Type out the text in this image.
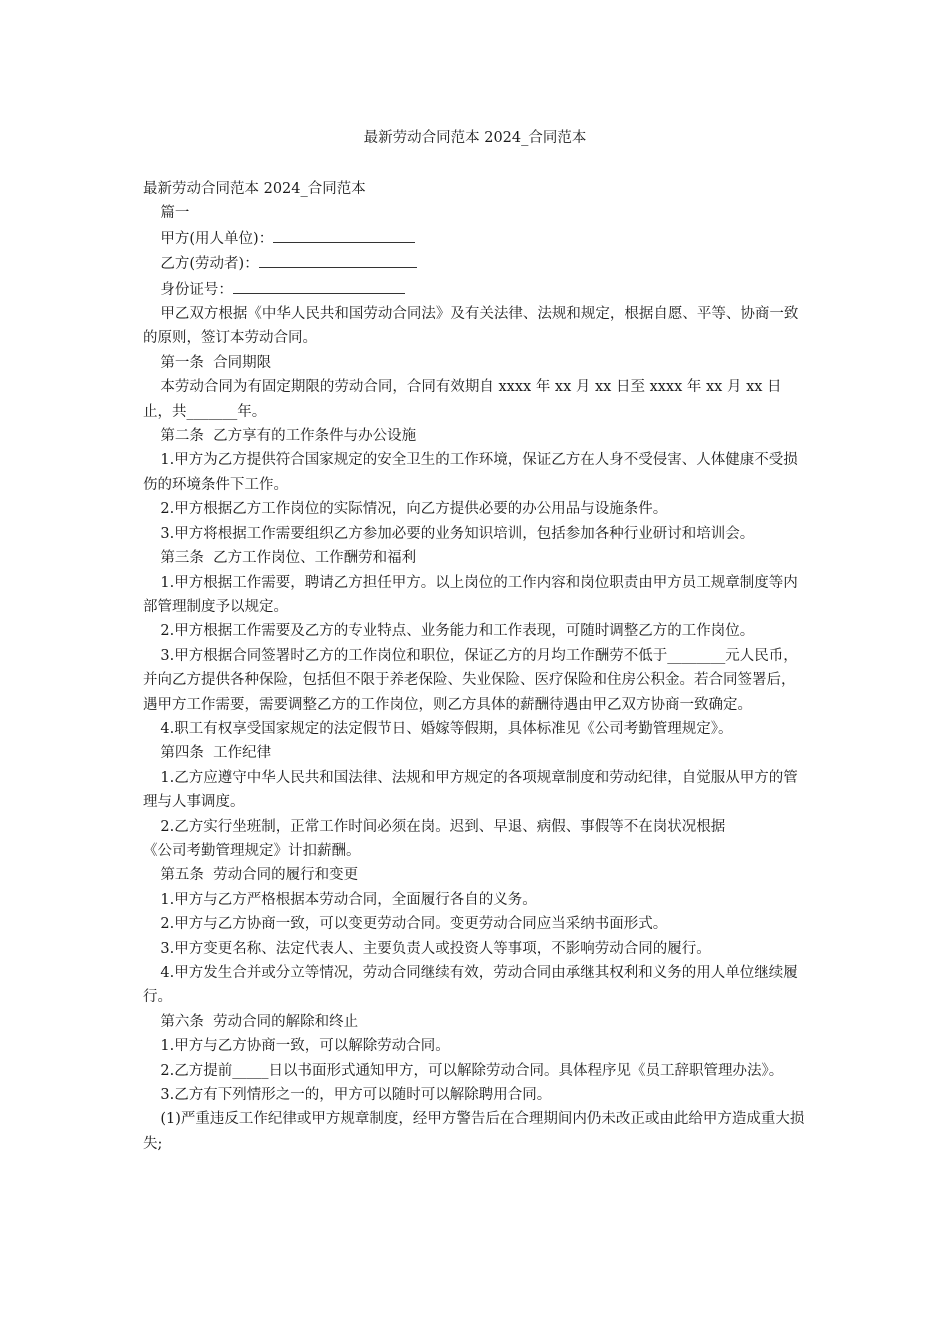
最新劳动合同范本 2024_合同范本

最新劳动合同范本 2024_合同范本

篇一

甲方(用人单位)：

乙方(劳动者)：

身份证号：

甲乙双方根据《中华人民共和国劳动合同法》及有关法律、法规和规定，根据自愿、平等、协商一致的原则，签订本劳动合同。

第一条  合同期限

本劳动合同为有固定期限的劳动合同，合同有效期自 xxxx 年 xx 月 xx 日至 xxxx 年 xx 月 xx 日止，共_______年。

第二条  乙方享有的工作条件与办公设施

1.甲方为乙方提供符合国家规定的安全卫生的工作环境，保证乙方在人身不受侵害、人体健康不受损伤的环境条件下工作。

2.甲方根据乙方工作岗位的实际情况，向乙方提供必要的办公用品与设施条件。

3.甲方将根据工作需要组织乙方参加必要的业务知识培训，包括参加各种行业研讨和培训会。

第三条  乙方工作岗位、工作酬劳和福利

1.甲方根据工作需要，聘请乙方担任甲方。以上岗位的工作内容和岗位职责由甲方员工规章制度等内部管理制度予以规定。

2.甲方根据工作需要及乙方的专业特点、业务能力和工作表现，可随时调整乙方的工作岗位。

3.甲方根据合同签署时乙方的工作岗位和职位，保证乙方的月均工作酬劳不低于________元人民币，并向乙方提供各种保险，包括但不限于养老保险、失业保险、医疗保险和住房公积金。若合同签署后，遇甲方工作需要，需要调整乙方的工作岗位，则乙方具体的薪酬待遇由甲乙双方协商一致确定。

4.职工有权享受国家规定的法定假节日、婚嫁等假期，具体标准见《公司考勤管理规定》。

第四条  工作纪律

1.乙方应遵守中华人民共和国法律、法规和甲方规定的各项规章制度和劳动纪律，自觉服从甲方的管理与人事调度。

2.乙方实行坐班制，正常工作时间必须在岗。迟到、早退、病假、事假等不在岗状况根据

《公司考勤管理规定》计扣薪酬。

第五条  劳动合同的履行和变更

1.甲方与乙方严格根据本劳动合同，全面履行各自的义务。

2.甲方与乙方协商一致，可以变更劳动合同。变更劳动合同应当采纳书面形式。

3.甲方变更名称、法定代表人、主要负责人或投资人等事项，不影响劳动合同的履行。

4.甲方发生合并或分立等情况，劳动合同继续有效，劳动合同由承继其权利和义务的用人单位继续履行。

第六条  劳动合同的解除和终止

1.甲方与乙方协商一致，可以解除劳动合同。

2.乙方提前_____日以书面形式通知甲方，可以解除劳动合同。具体程序见《员工辞职管理办法》。

3.乙方有下列情形之一的，甲方可以随时可以解除聘用合同。

(1)严重违反工作纪律或甲方规章制度，经甲方警告后在合理期间内仍未改正或由此给甲方造成重大损失;
